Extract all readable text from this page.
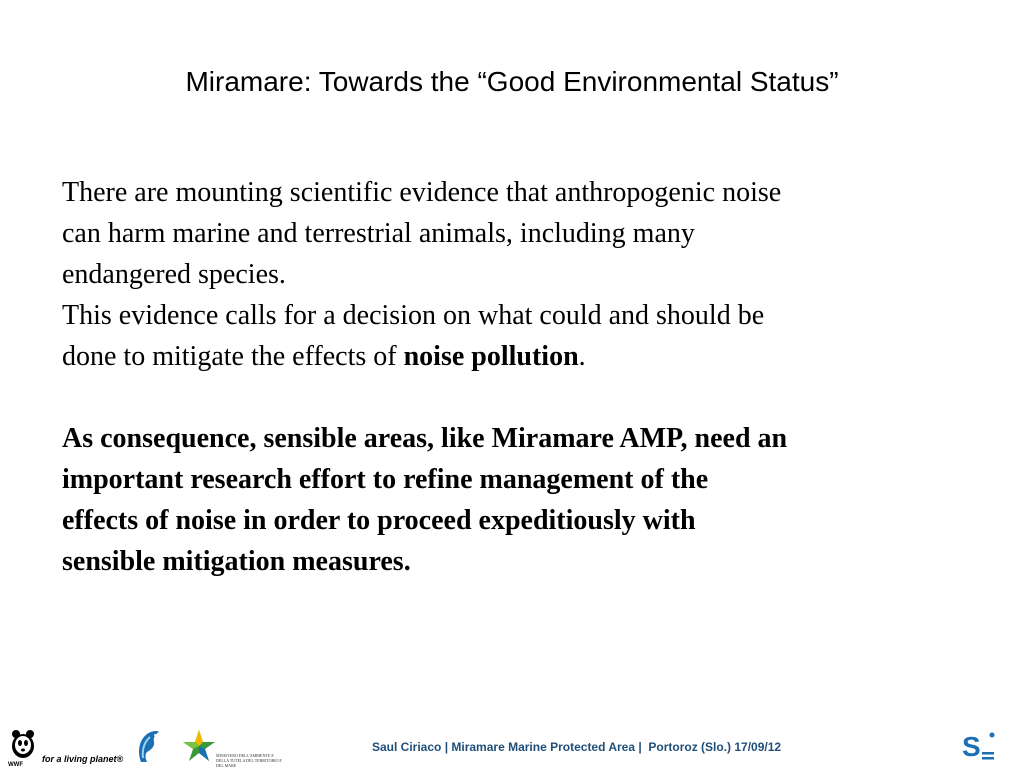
Miramare: Towards the “Good Environmental Status”

There are mounting scientific evidence that anthropogenic noise

can harm marine and terrestrial animals, including many

endangered species.

This evidence calls for a decision on what could and should be

done to mitigate the effects of noise pollution.

As consequence, sensible areas, like Miramare AMP, need an

important research effort to refine management of the

effects of noise in order to proceed expeditiously with

sensible mitigation measures.

WWF
for a living planet®	MINISTERO DELL'AMBIENTE E DELLA TUTELA DEL TERRITORIO E DEL MARE
Saul Ciriaco | Miramare Marine Protected Area |  Portoroz (Slo.) 17/09/12	S
